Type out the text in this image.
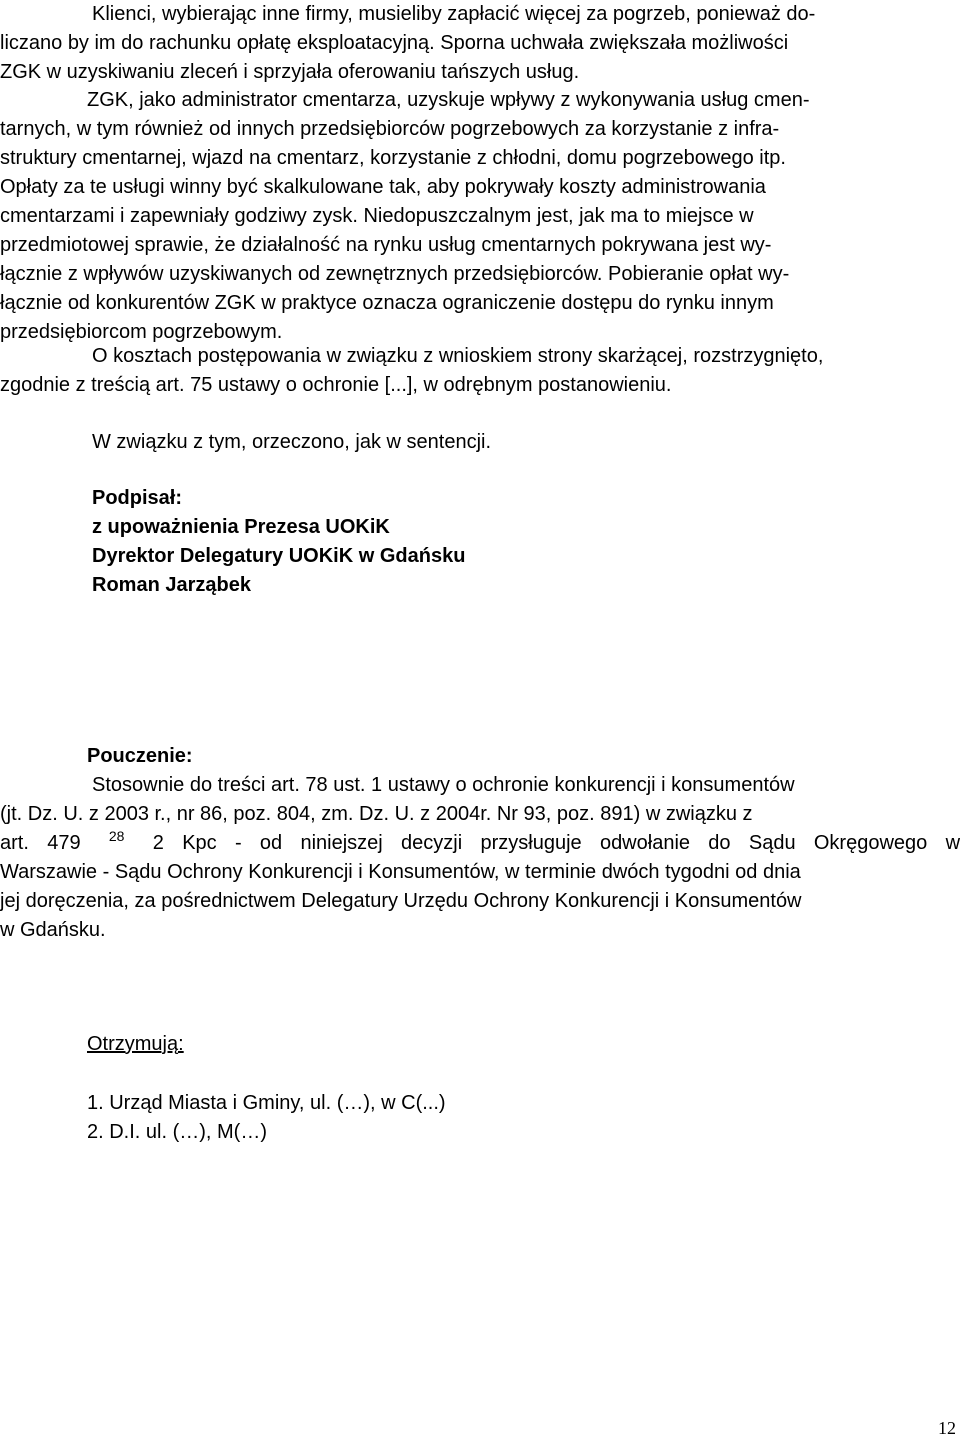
Klienci, wybierając inne firmy, musieliby zapłacić więcej za pogrzeb, ponieważ do-
liczano by im do rachunku opłatę eksploatacyjną. Sporna uchwała zwiększała możliwości
ZGK w uzyskiwaniu zleceń i sprzyjała oferowaniu tańszych usług.
ZGK, jako administrator cmentarza, uzyskuje wpływy z wykonywania usług cmen-
tarnych, w tym również od innych przedsiębiorców pogrzebowych za korzystanie z infra-
struktury cmentarnej, wjazd na cmentarz, korzystanie z chłodni, domu pogrzebowego itp.
Opłaty za te usługi winny być skalkulowane tak, aby pokrywały koszty administrowania
cmentarzami i zapewniały godziwy zysk. Niedopuszczalnym jest, jak ma to miejsce w
przedmiotowej sprawie, że działalność na rynku usług cmentarnych pokrywana jest wy-
łącznie z wpływów uzyskiwanych od zewnętrznych przedsiębiorców. Pobieranie opłat wy-
łącznie od konkurentów ZGK w praktyce oznacza ograniczenie dostępu do rynku innym
przedsiębiorcom pogrzebowym.
O kosztach postępowania w związku z wnioskiem strony skarżącej, rozstrzygnięto,
zgodnie z treścią art. 75 ustawy o ochronie [...], w odrębnym postanowieniu.
W związku z tym, orzeczono, jak w sentencji.
Podpisał:
z upoważnienia Prezesa UOKiK
Dyrektor Delegatury UOKiK w Gdańsku
Roman Jarząbek
Pouczenie:
Stosownie do treści art. 78 ust. 1 ustawy o ochronie konkurencji i konsumentów
(jt. Dz. U. z 2003 r., nr 86, poz. 804, zm. Dz. U. z 2004r. Nr 93, poz. 891) w związku z
art. 479 $^{28}$ 2 Kpc - od niniejszej decyzji przysługuje odwołanie do Sądu Okręgowego w
Warszawie - Sądu Ochrony Konkurencji i Konsumentów, w terminie dwóch tygodni od dnia
jej doręczenia, za pośrednictwem Delegatury Urzędu Ochrony Konkurencji i Konsumentów
w Gdańsku.
Otrzymują:
1. Urząd Miasta i Gminy, ul. (…), w C(...)
2. D.I. ul. (…), M(…)
12
